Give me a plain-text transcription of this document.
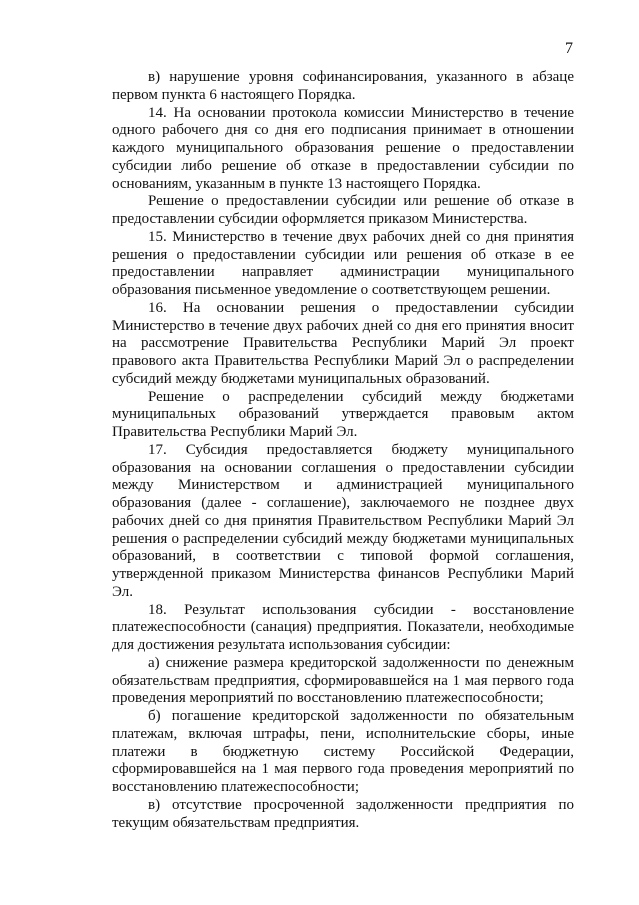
7

в) нарушение уровня софинансирования, указанного в абзаце первом пункта 6 настоящего Порядка.

14. На основании протокола комиссии Министерство в течение одного рабочего дня со дня его подписания принимает в отношении каждого муниципального образования решение о предоставлении субсидии либо решение об отказе в предоставлении субсидии по основаниям, указанным в пункте 13 настоящего Порядка.

Решение о предоставлении субсидии или решение об отказе в предоставлении субсидии оформляется приказом Министерства.

15. Министерство в течение двух рабочих дней со дня принятия решения о предоставлении субсидии или решения об отказе в ее предоставлении направляет администрации муниципального образования письменное уведомление о соответствующем решении.

16. На основании решения о предоставлении субсидии Министерство в течение двух рабочих дней со дня его принятия вносит на рассмотрение Правительства Республики Марий Эл проект правового акта Правительства Республики Марий Эл о распределении субсидий между бюджетами муниципальных образований.

Решение о распределении субсидий между бюджетами муниципальных образований утверждается правовым актом Правительства Республики Марий Эл.

17. Субсидия предоставляется бюджету муниципального образования на основании соглашения о предоставлении субсидии между Министерством и администрацией муниципального образования (далее - соглашение), заключаемого не позднее двух рабочих дней со дня принятия Правительством Республики Марий Эл решения о распределении субсидий между бюджетами муниципальных образований, в соответствии с типовой формой соглашения, утвержденной приказом Министерства финансов Республики Марий Эл.

18. Результат использования субсидии - восстановление платежеспособности (санация) предприятия. Показатели, необходимые для достижения результата использования субсидии:

а) снижение размера кредиторской задолженности по денежным обязательствам предприятия, сформировавшейся на 1 мая первого года проведения мероприятий по восстановлению платежеспособности;

б) погашение кредиторской задолженности по обязательным платежам, включая штрафы, пени, исполнительские сборы, иные платежи в бюджетную систему Российской Федерации, сформировавшейся на 1 мая первого года проведения мероприятий по восстановлению платежеспособности;

в) отсутствие просроченной задолженности предприятия по текущим обязательствам предприятия.
